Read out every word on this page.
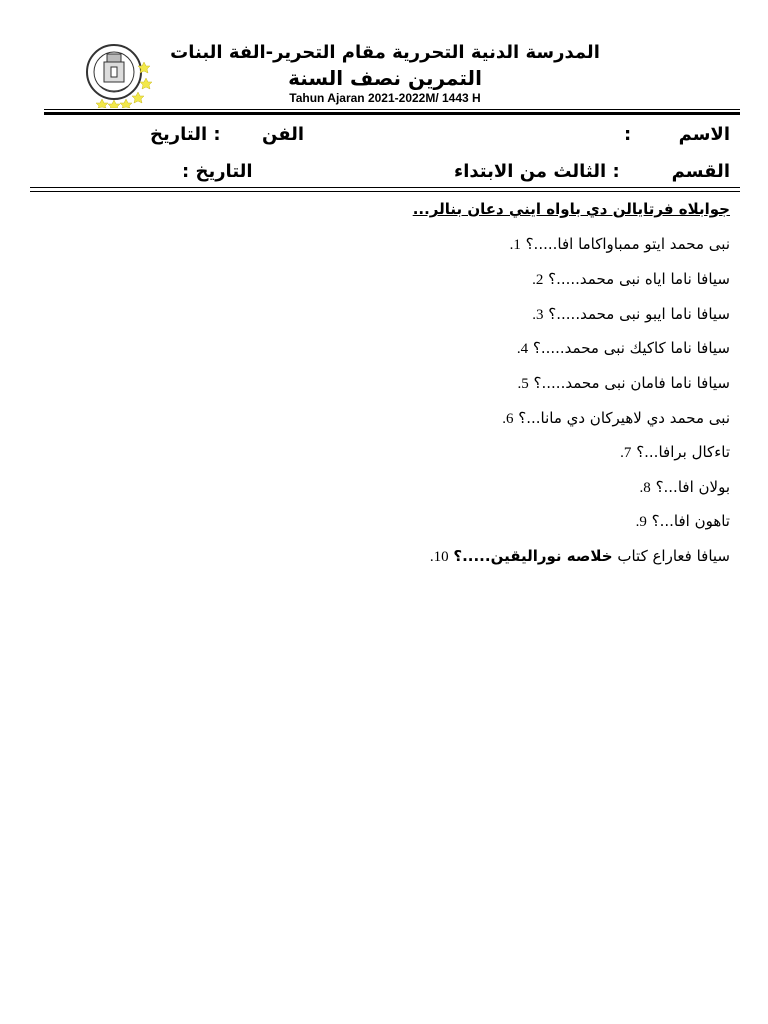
المدرسة الدنية التحررية مقام التحرير-الفة البنات
التمرين نصف السنة
Tahun Ajaran 2021-2022M/ 1443 H
الاسم
:
الفن
: التاريخ
القسم
: الثالث من الابتداء
التاريخ :
جوابلاه فرتايالن دي باواه ايني دعان بنالر...
نبى محمد ايتو ممباواكاما افا.....؟ 1.
سيافا ناما اياه نبى محمد.....؟ 2.
سيافا ناما ايبو نبى محمد.....؟ 3.
سيافا ناما كاكيك نبى محمد.....؟ 4.
سيافا ناما فامان نبى محمد.....؟ 5.
نبى محمد دي لاهيركان دي مانا...؟ 6.
تاءكال برافا...؟ 7.
بولان افا...؟ 8.
تاهون افا...؟ 9.
سيافا فعاراع كتاب خلاصه نوراليقين.....؟ 10.
